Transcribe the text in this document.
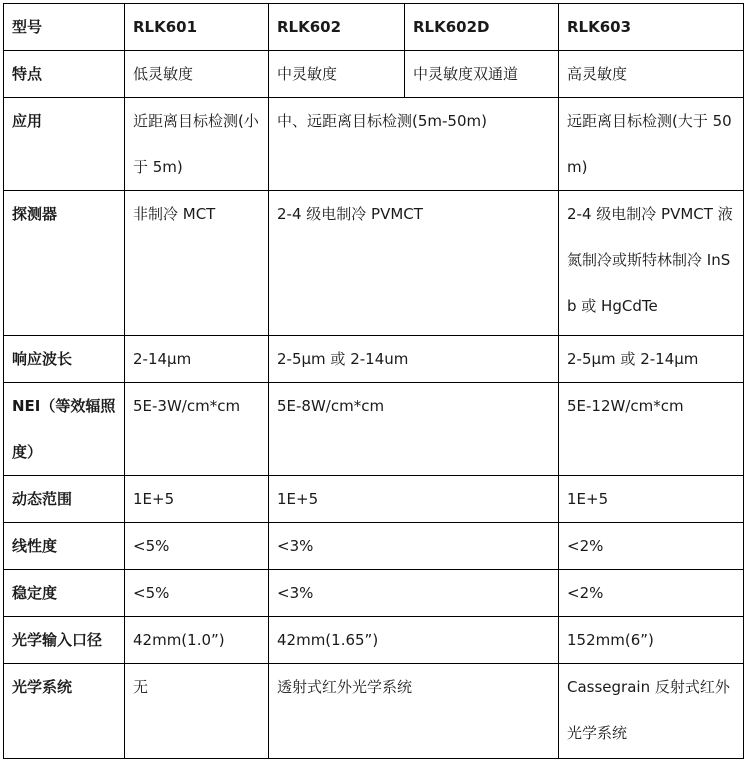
型号	RLK601	RLK602	RLK602D	RLK603
特点	低灵敏度	中灵敏度	中灵敏度双通道	高灵敏度
应用	近距离目标检测(小于 5m)	中、远距离目标检测(5m-50m)		远距离目标检测(大于 50m)

探测器	非制冷 MCT	2-4 级电制冷 PVMCT		2-4 级电制冷 PVMCT 液氮制冷或斯特林制冷 InSb 或 HgCdTe

响应波长	2-14μm	2-5μm 或 2-14um		2-5μm 或 2-14μm

NEI（等效辐照度）	5E-3W/cm*cm	5E-8W/cm*cm		5E-12W/cm*cm
动态范围	1E+5	1E+5		1E+5
线性度	<5%	<3%		<2%
稳定度	<5%	<3%		<2%
光学输入口径	42mm(1.0”)	42mm(1.65”)		152mm(6”)
光学系统	无	透射式红外光学系统		Cassegrain 反射式红外光学系统
